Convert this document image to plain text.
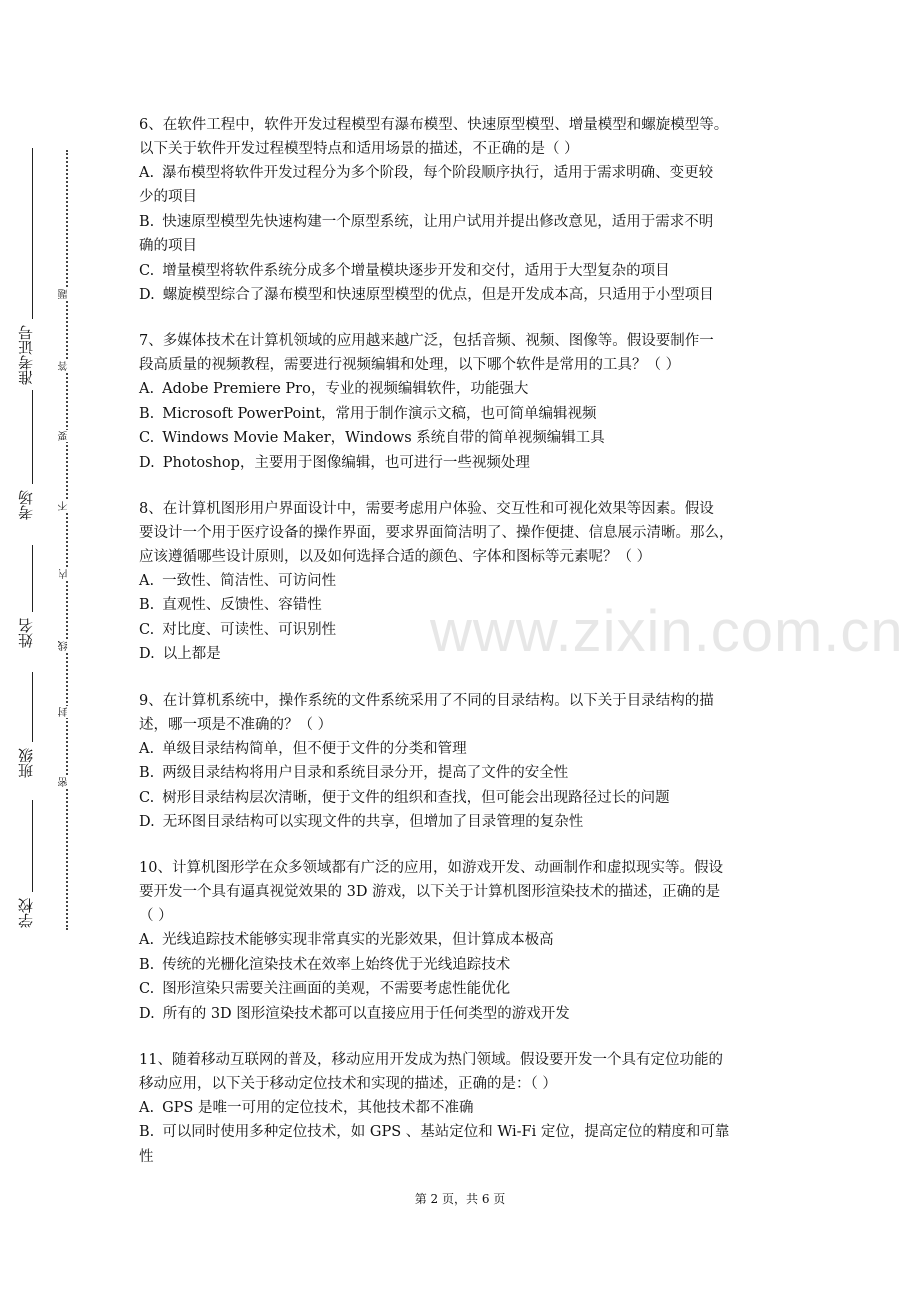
准考证号
考场
姓名
班级
学校
题
答
要
不
内
线
封
密

6、在软件工程中，软件开发过程模型有瀑布模型、快速原型模型、增量模型和螺旋模型等。

以下关于软件开发过程模型特点和适用场景的描述，不正确的是（ ）

A. 瀑布模型将软件开发过程分为多个阶段，每个阶段顺序执行，适用于需求明确、变更较

少的项目

B. 快速原型模型先快速构建一个原型系统，让用户试用并提出修改意见，适用于需求不明

确的项目

C. 增量模型将软件系统分成多个增量模块逐步开发和交付，适用于大型复杂的项目

D. 螺旋模型综合了瀑布模型和快速原型模型的优点，但是开发成本高，只适用于小型项目

7、多媒体技术在计算机领域的应用越来越广泛，包括音频、视频、图像等。假设要制作一

段高质量的视频教程，需要进行视频编辑和处理，以下哪个软件是常用的工具？（ ）

A. Adobe Premiere Pro，专业的视频编辑软件，功能强大

B. Microsoft PowerPoint，常用于制作演示文稿，也可简单编辑视频

C. Windows Movie Maker，Windows 系统自带的简单视频编辑工具

D. Photoshop，主要用于图像编辑，也可进行一些视频处理

8、在计算机图形用户界面设计中，需要考虑用户体验、交互性和可视化效果等因素。假设

要设计一个用于医疗设备的操作界面，要求界面简洁明了、操作便捷、信息展示清晰。那么，

应该遵循哪些设计原则，以及如何选择合适的颜色、字体和图标等元素呢？（ ）

A. 一致性、简洁性、可访问性

B. 直观性、反馈性、容错性

C. 对比度、可读性、可识别性

D. 以上都是

9、在计算机系统中，操作系统的文件系统采用了不同的目录结构。以下关于目录结构的描

述，哪一项是不准确的？（ ）

A. 单级目录结构简单，但不便于文件的分类和管理

B. 两级目录结构将用户目录和系统目录分开，提高了文件的安全性

C. 树形目录结构层次清晰，便于文件的组织和查找，但可能会出现路径过长的问题

D. 无环图目录结构可以实现文件的共享，但增加了目录管理的复杂性

10、计算机图形学在众多领域都有广泛的应用，如游戏开发、动画制作和虚拟现实等。假设

要开发一个具有逼真视觉效果的 3D 游戏，以下关于计算机图形渲染技术的描述，正确的是

（ ）

A. 光线追踪技术能够实现非常真实的光影效果，但计算成本极高

B. 传统的光栅化渲染技术在效率上始终优于光线追踪技术

C. 图形渲染只需要关注画面的美观，不需要考虑性能优化

D. 所有的 3D 图形渲染技术都可以直接应用于任何类型的游戏开发

11、随着移动互联网的普及，移动应用开发成为热门领域。假设要开发一个具有定位功能的

移动应用，以下关于移动定位技术和实现的描述，正确的是：（ ）

A. GPS 是唯一可用的定位技术，其他技术都不准确

B. 可以同时使用多种定位技术，如 GPS 、基站定位和 Wi-Fi 定位，提高定位的精度和可靠

性

www.zixin.com.cn
第 2 页，共 6 页
